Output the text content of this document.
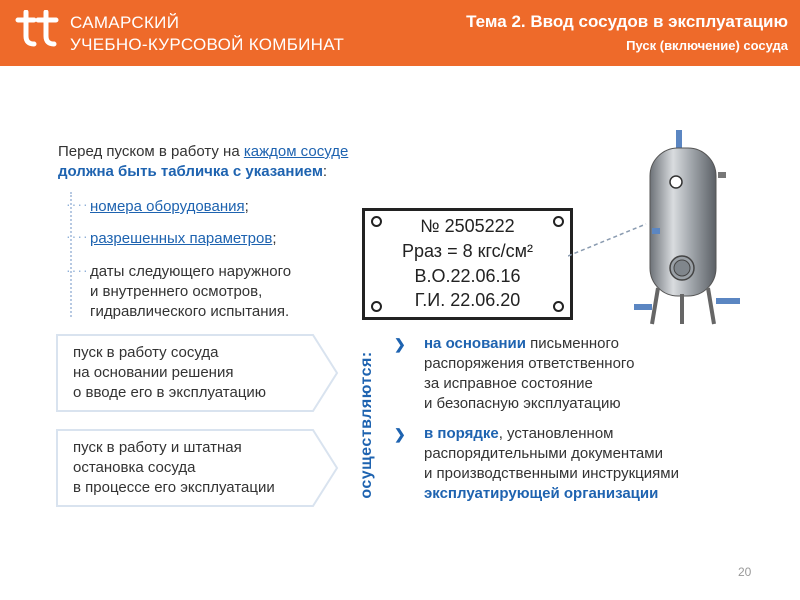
САМАРСКИЙ
УЧЕБНО-КУРСОВОЙ КОМБИНАТ
Тема 2. Ввод сосудов в эксплуатацию
Пуск (включение) сосуда
Перед пуском в работу на каждом сосуде
должна быть табличка с указанием:
···· номера оборудования;
···· разрешенных параметров;
···· даты следующего наружного
и внутреннего осмотров,
гидравлического испытания.
№ 2505222
Рраз = 8 кгс/см²
В.О.22.06.16
Г.И. 22.06.20
пуск в работу сосуда
на основании решения
о вводе его в эксплуатацию
пуск в работу и штатная
остановка сосуда
в процессе его эксплуатации	осуществляются:
❯ на основании письменного
распоряжения ответственного
за исправное состояние
и безопасную эксплуатацию
❯ в порядке, установленном
распорядительными документами
и производственными инструкциями
эксплуатирующей организации
20
